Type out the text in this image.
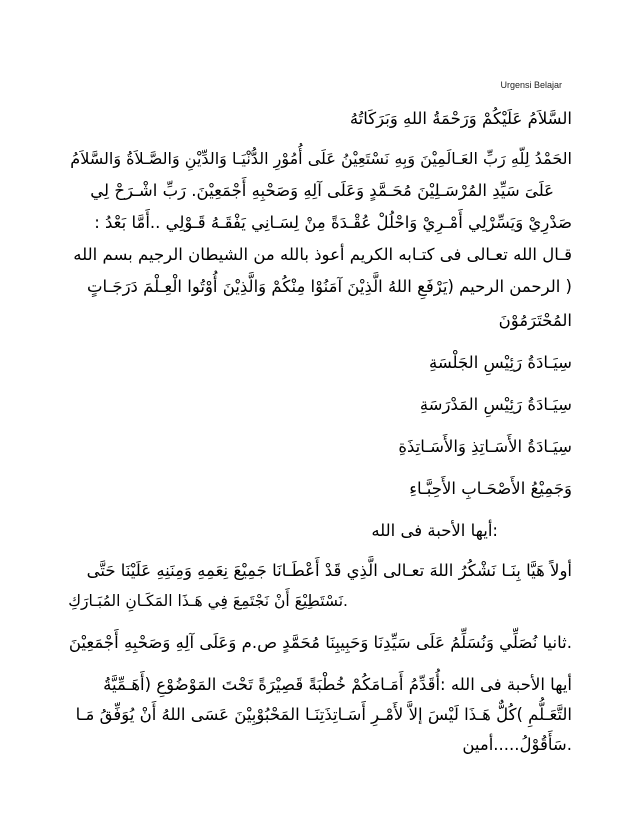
Urgensi Belajar

السَّلاَمُ عَلَيْكُمْ وَرَحْمَةُ اللهِ وَبَرَكَاتُهُ

الحَمْدُ لِلّهِ رَبِّ العَـالَمِيْنَ وَبِهِ نَسْتَعِيْنُ عَلَى أُمُوْرِ الدُّنْيَـا وَالدِّيْنِ وَالصَّـلاَةُ وَالسَّلاَمُ

عَلَىَ سَيِّدِ المُرْسَـلِيْنَ مُحَـمَّدٍ وَعَلَى آلِهِ وَصَحْبِهِ أَجْمَعِيْنَ. رَبِّ اشْـرَحْ لِي

صَدْرِيْ وَيَسِّرْلِي أَمْـرِيْ وَاحْلُلْ عُقْـدَةً مِنْ لِسَـانِي يَفْقَـهُ قَـوْلِي ..أَمَّا بَعْدُ :

قـال الله تعـالى فى كتـابه الكريم أعوذ بالله من الشيطان الرجيم بسم الله

( الرحمن الرحيم (يَرْفَعِ اللهُ الَّذِيْنَ آمَنُوْا مِنْكُمْ وَالَّذِيْنَ أُوْتُوا الْعِـلْمَ دَرَجَـاتٍ

المُحْتَرَمُوْنَ

سِيَـادَةُ رَئِيْسِ الجَلْسَةِ

سِيَـادَةُ رَئِيْسِ المَدْرَسَةِ

سِيَـادَةُ الأَسَـاتِذِ وَالأَسَـاتِذَةِ

وَجَمِيْعُ الأَصْحَـابِ الأَحِبَّـاءِ

:أيها الأحبة فى الله

أولاً هَيَّا بِنَـا نَشْكُرُ اللهَ تعـالى الَّذِي قَدْ أَعْطَـانَا جَمِيْعَ نِعَمِهِ وَمِنَنِهِ عَلَيْنَا حَتَّى

.نَسْتَطِيْعَ أَنْ نَجْتَمِعَ فِي هَـذَا المَكَـانِ المُبَـارَكِ

.ثانيا نُصَلِّي وَنُسَلِّمُ عَلَى سَيِّدِنَا وَحَبِيبِنَا مُحَمَّدٍ ص.م وَعَلَى آلِهِ وَصَحْبِهِ أَجْمَعِيْنَ

أيها الأحبة فى الله :أُقَدِّمُ أَمَـامَكُمْ خُطْبَةً قَصِيْرَةً تَحْتَ المَوْضُوْعِ (أَهَـمِّيَّةُ

التَّعَـلُّمِ )كُلٌّ هَـذَا لَيْسَ إلاَّ لأَمْـرِ أَسَـاتِذَتِنَـا المَحْبُوْبِيْنَ عَسَى اللهُ أَنْ يُوَفِّقُ مَـا

.سَأَقُوْلُ.....أمين
